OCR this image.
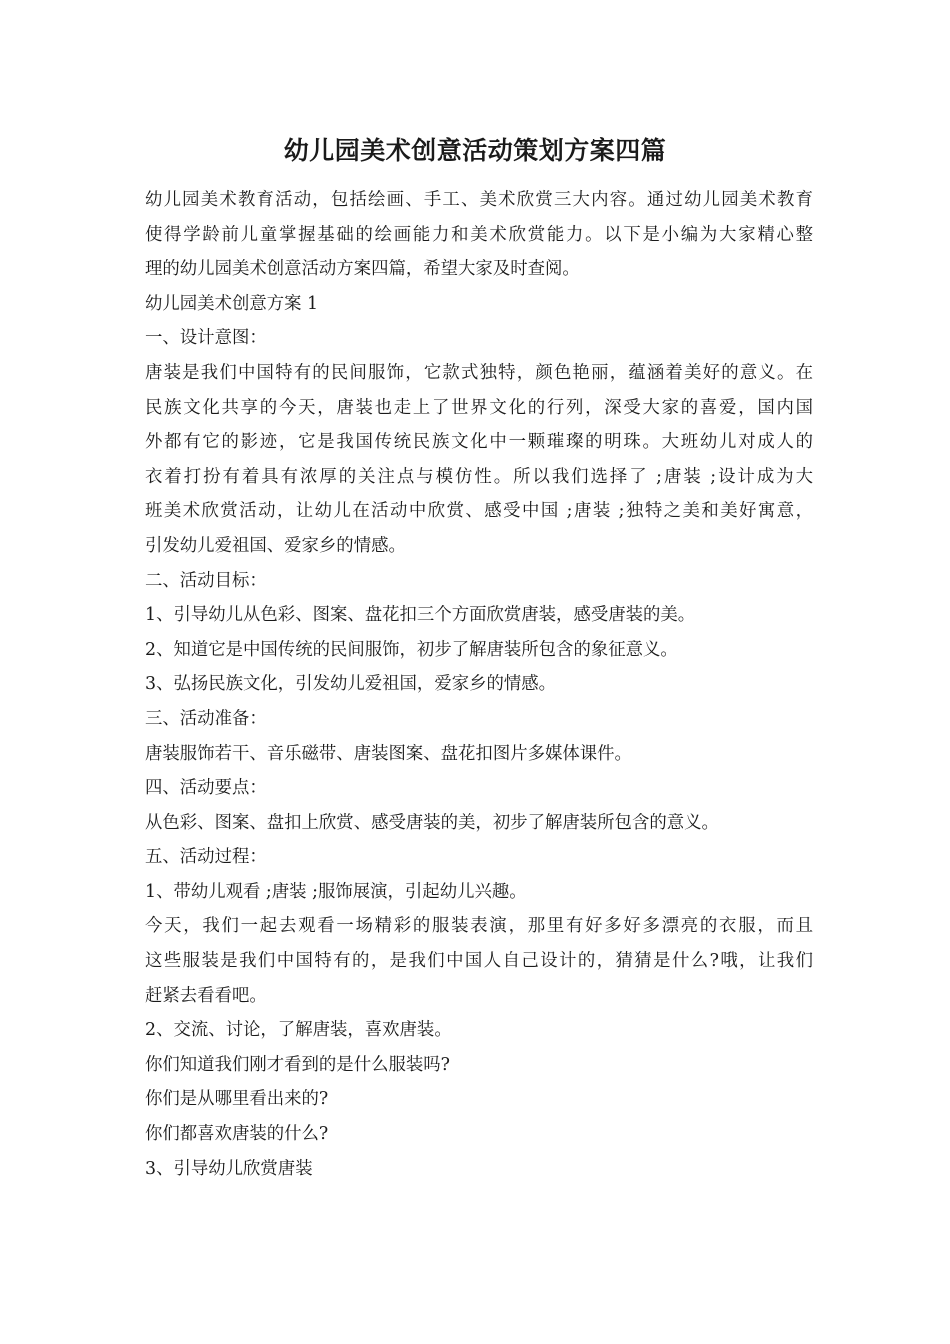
幼儿园美术创意活动策划方案四篇
幼儿园美术教育活动，包括绘画、手工、美术欣赏三大内容。通过幼儿园美术教育
使得学龄前儿童掌握基础的绘画能力和美术欣赏能力。以下是小编为大家精心整
理的幼儿园美术创意活动方案四篇，希望大家及时查阅。
幼儿园美术创意方案 1
一、设计意图：
唐装是我们中国特有的民间服饰，它款式独特，颜色艳丽，蕴涵着美好的意义。在
民族文化共享的今天，唐装也走上了世界文化的行列，深受大家的喜爱，国内国
外都有它的影迹，它是我国传统民族文化中一颗璀璨的明珠。大班幼儿对成人的
衣着打扮有着具有浓厚的关注点与模仿性。所以我们选择了 ;唐装 ;设计成为大
班美术欣赏活动，让幼儿在活动中欣赏、感受中国 ;唐装 ;独特之美和美好寓意，
引发幼儿爱祖国、爱家乡的情感。
二、活动目标：
1、引导幼儿从色彩、图案、盘花扣三个方面欣赏唐装，感受唐装的美。
2、知道它是中国传统的民间服饰，初步了解唐装所包含的象征意义。
3、弘扬民族文化，引发幼儿爱祖国，爱家乡的情感。
三、活动准备：
唐装服饰若干、音乐磁带、唐装图案、盘花扣图片多媒体课件。
四、活动要点：
从色彩、图案、盘扣上欣赏、感受唐装的美，初步了解唐装所包含的意义。
五、活动过程：
1、带幼儿观看 ;唐装 ;服饰展演，引起幼儿兴趣。
今天，我们一起去观看一场精彩的服装表演，那里有好多好多漂亮的衣服，而且
这些服装是我们中国特有的，是我们中国人自己设计的，猜猜是什么?哦，让我们
赶紧去看看吧。
2、交流、讨论，了解唐装，喜欢唐装。
你们知道我们刚才看到的是什么服装吗?
你们是从哪里看出来的?
你们都喜欢唐装的什么?
3、引导幼儿欣赏唐装
